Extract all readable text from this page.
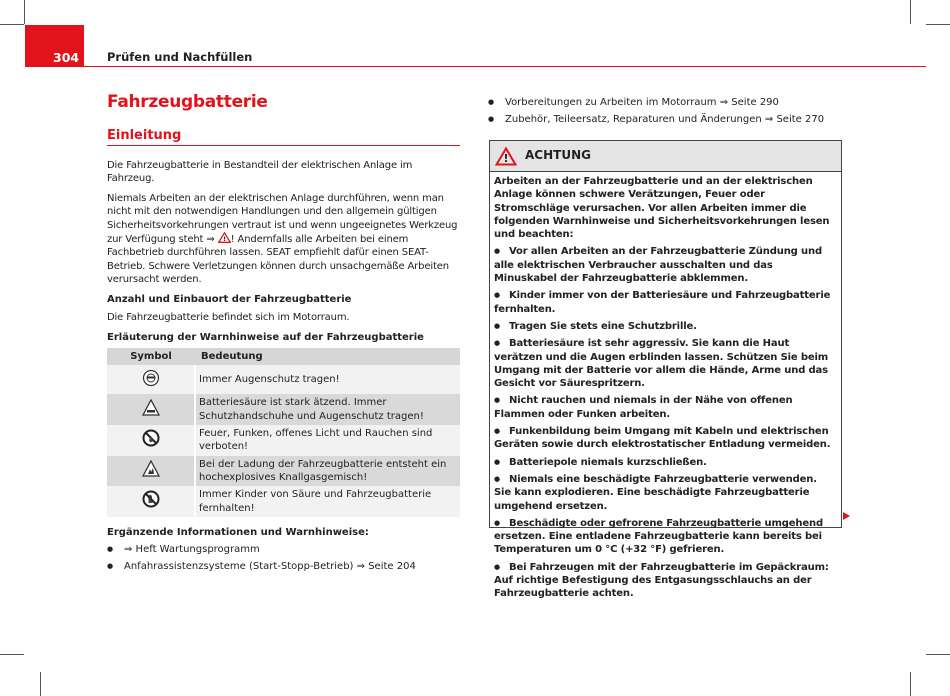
304	Prüfen und Nachfüllen
Fahrzeugbatterie
Einleitung

Die Fahrzeugbatterie in Bestandteil der elektrischen Anlage im Fahrzeug.

Niemals Arbeiten an der elektrischen Anlage durchführen, wenn man nicht mit den notwendigen Handlungen und den allgemein gültigen Sicherheitsvorkehrungen vertraut ist und wenn ungeeignetes Werkzeug zur Verfügung steht ⇒ ! ! Andernfalls alle Arbeiten bei einem Fachbetrieb durchführen lassen. SEAT empfiehlt dafür einen SEAT-Betrieb. Schwere Verletzungen können durch unsachgemäße Arbeiten verursacht werden.

Anzahl und Einbauort der Fahrzeugbatterie

Die Fahrzeugbatterie befindet sich im Motorraum.

Erläuterung der Warnhinweise auf der Fahrzeugbatterie
Symbol	Bedeutung
	Immer Augenschutz tragen!
	Batteriesäure ist stark ätzend. Immer Schutzhandschuhe und Augenschutz tragen!
	Feuer, Funken, offenes Licht und Rauchen sind verboten!
	Bei der Ladung der Fahrzeugbatterie entsteht ein hochexplosives Knallgasgemisch!
	Immer Kinder von Säure und Fahrzeugbatterie fernhalten!
Ergänzende Informationen und Warnhinweise:
● ⇒ Heft Wartungsprogramm
● Anfahrassistenzsysteme (Start-Stopp-Betrieb) ⇒ Seite 204
● Vorbereitungen zu Arbeiten im Motorraum ⇒ Seite 290
● Zubehör, Teileersatz, Reparaturen und Änderungen ⇒ Seite 270
! ACHTUNG

Arbeiten an der Fahrzeugbatterie und an der elektrischen Anlage können schwere Verätzungen, Feuer oder Stromschläge verursachen. Vor allen Arbeiten immer die folgenden Warnhinweise und Sicherheitsvorkehrungen lesen und beachten:

● Vor allen Arbeiten an der Fahrzeugbatterie Zündung und alle elektrischen Verbraucher ausschalten und das Minuskabel der Fahrzeugbatterie abklemmen.

● Kinder immer von der Batteriesäure und Fahrzeugbatterie fernhalten.

● Tragen Sie stets eine Schutzbrille.

● Batteriesäure ist sehr aggressiv. Sie kann die Haut verätzen und die Augen erblinden lassen. Schützen Sie beim Umgang mit der Batterie vor allem die Hände, Arme und das Gesicht vor Säurespritzern.

● Nicht rauchen und niemals in der Nähe von offenen Flammen oder Funken arbeiten.

● Funkenbildung beim Umgang mit Kabeln und elektrischen Geräten sowie durch elektrostatischer Entladung vermeiden.

● Batteriepole niemals kurzschließen.

● Niemals eine beschädigte Fahrzeugbatterie verwenden. Sie kann explodieren. Eine beschädigte Fahrzeugbatterie umgehend ersetzen.

● Beschädigte oder gefrorene Fahrzeugbatterie umgehend ersetzen. Eine entladene Fahrzeugbatterie kann bereits bei Temperaturen um 0 °C (+32 °F) gefrieren.

● Bei Fahrzeugen mit der Fahrzeugbatterie im Gepäckraum: Auf richtige Befestigung des Entgasungsschlauchs an der Fahrzeugbatterie achten.
